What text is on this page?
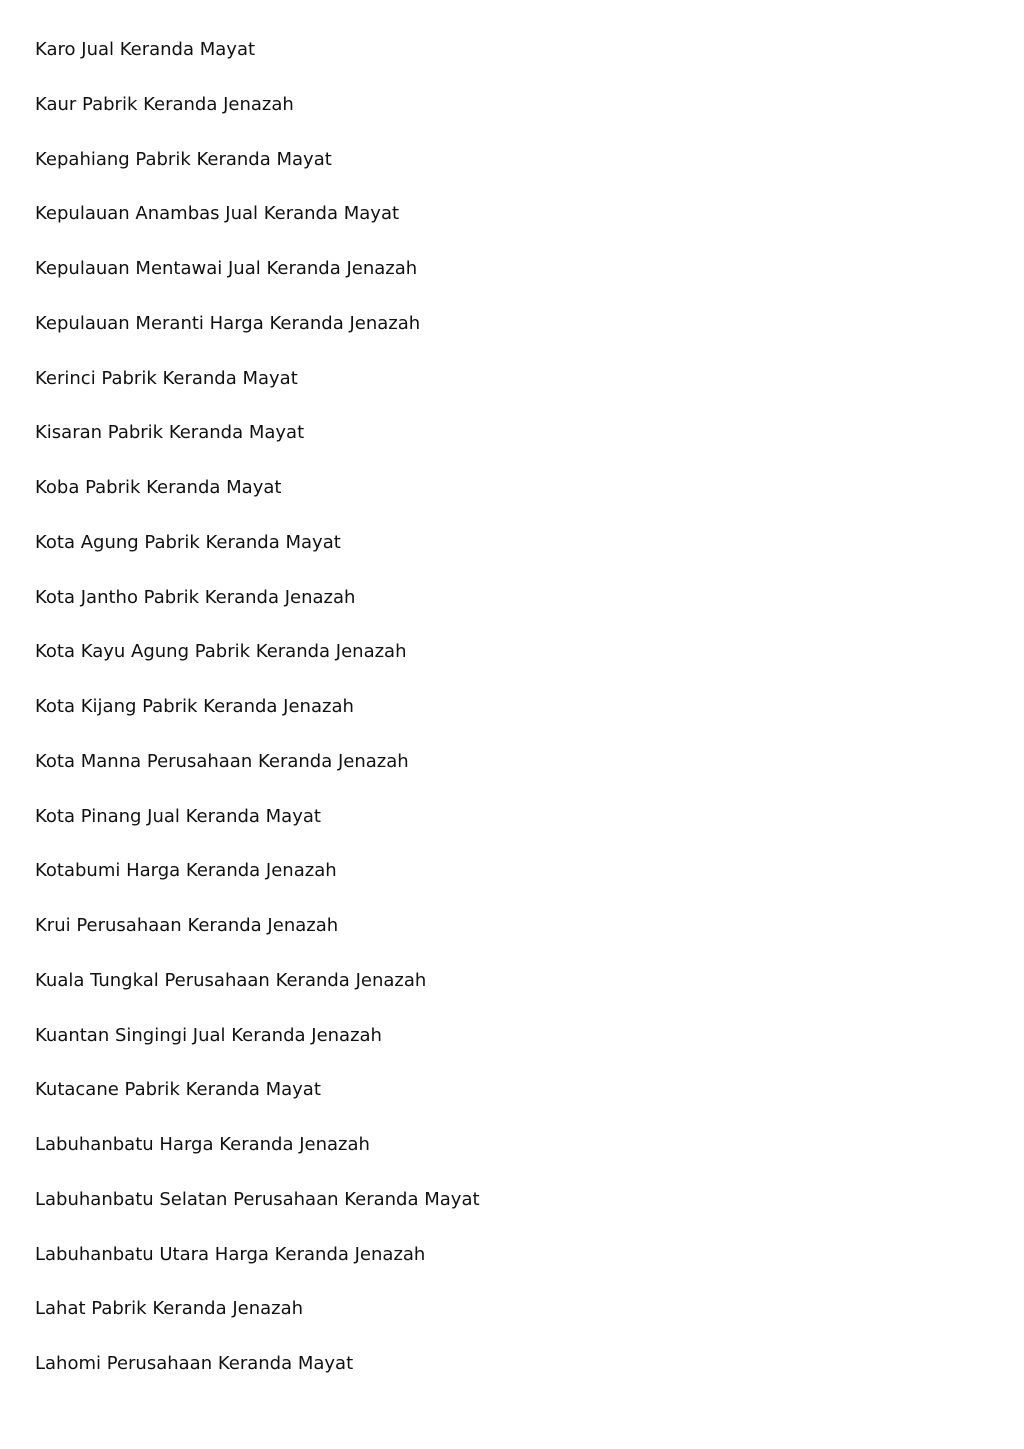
Karo Jual Keranda Mayat
Kaur Pabrik Keranda Jenazah
Kepahiang Pabrik Keranda Mayat
Kepulauan Anambas Jual Keranda Mayat
Kepulauan Mentawai Jual Keranda Jenazah
Kepulauan Meranti Harga Keranda Jenazah
Kerinci Pabrik Keranda Mayat
Kisaran Pabrik Keranda Mayat
Koba Pabrik Keranda Mayat
Kota Agung Pabrik Keranda Mayat
Kota Jantho Pabrik Keranda Jenazah
Kota Kayu Agung Pabrik Keranda Jenazah
Kota Kijang Pabrik Keranda Jenazah
Kota Manna Perusahaan Keranda Jenazah
Kota Pinang Jual Keranda Mayat
Kotabumi Harga Keranda Jenazah
Krui Perusahaan Keranda Jenazah
Kuala Tungkal Perusahaan Keranda Jenazah
Kuantan Singingi Jual Keranda Jenazah
Kutacane Pabrik Keranda Mayat
Labuhanbatu Harga Keranda Jenazah
Labuhanbatu Selatan Perusahaan Keranda Mayat
Labuhanbatu Utara Harga Keranda Jenazah
Lahat Pabrik Keranda Jenazah
Lahomi Perusahaan Keranda Mayat
